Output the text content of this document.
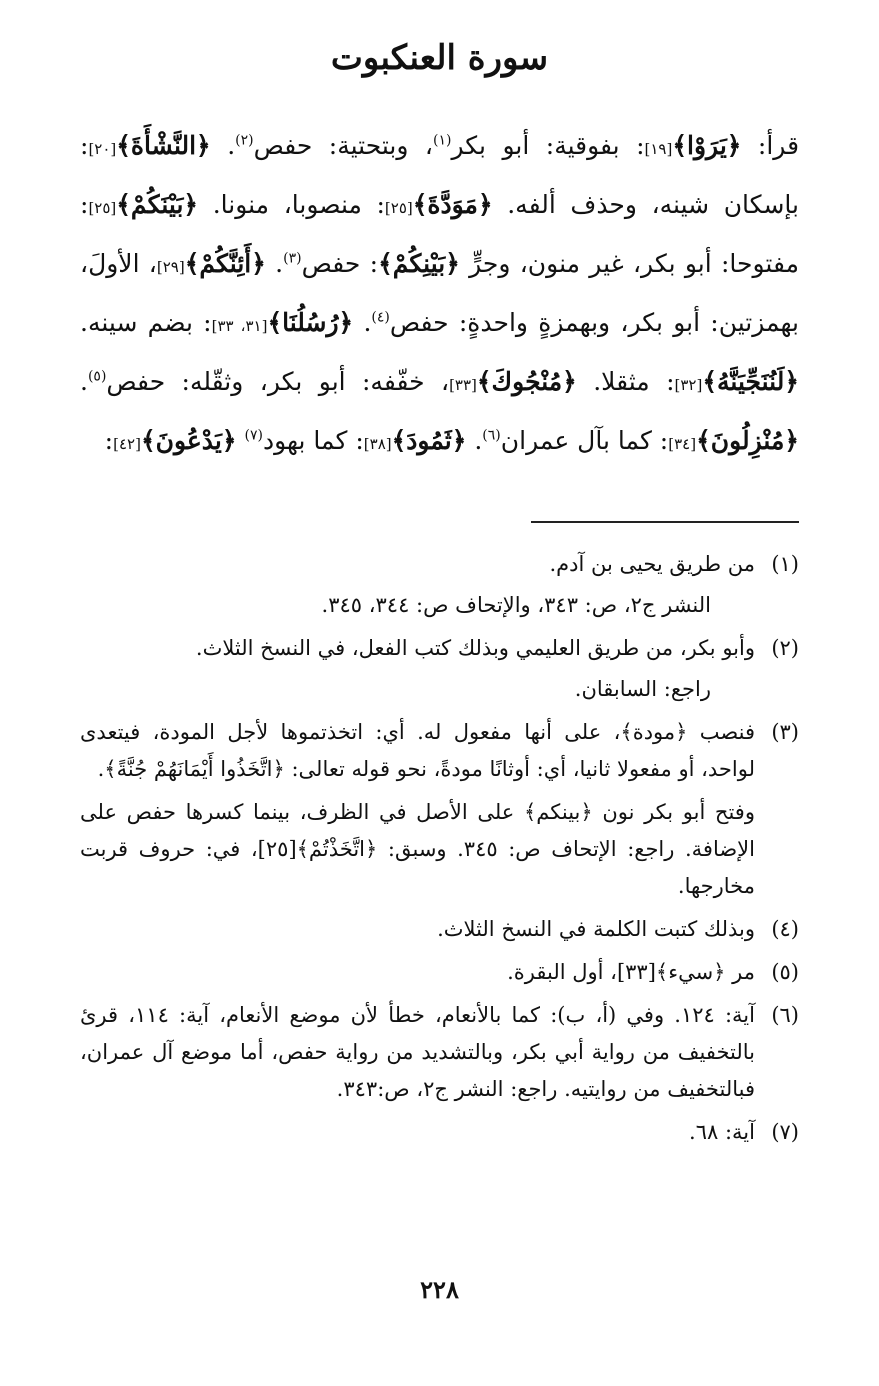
سورة العنكبوت

قرأ: ﴿يَرَوْا﴾[١٩]: بفوقية: أبو بكر$^{(١)}$، وبتحتية: حفص$^{(٢)}$. ﴿النَّشْأَةَ﴾[٢٠]: بإسكان شينه، وحذف ألفه. ﴿مَوَدَّةَ﴾[٢٥]: منصوبا، منونا. ﴿بَيْنَكُمْ﴾[٢٥]: مفتوحا: أبو بكر، غير منون، وجرٍّ ﴿بَيْنِكُمْ﴾: حفص$^{(٣)}$. ﴿أَئِنَّكُمْ﴾[٢٩]، الأولَ، بهمزتين: أبو بكر، وبهمزةٍ واحدةٍ: حفص$^{(٤)}$. ﴿رُسُلُنَا﴾[٣١، ٣٣]: بضم سينه. ﴿لَنُنَجِّيَنَّهُ﴾[٣٢]: مثقلا. ﴿مُنْجُوكَ﴾[٣٣]، خفّفه: أبو بكر، وثقّله: حفص$^{(٥)}$. ﴿مُنْزِلُونَ﴾[٣٤]: كما بآل عمران$^{(٦)}$. ﴿ثَمُودَ﴾[٣٨]: كما بهود$^{(٧)}$ ﴿يَدْعُونَ﴾[٤٢]:

(١)

من طريق يحيى بن آدم.

النشر ج٢، ص: ٣٤٣، والإتحاف ص: ٣٤٤، ٣٤٥.

(٢)

وأبو بكر، من طريق العليمي وبذلك كتب الفعل، في النسخ الثلاث.

راجع: السابقان.

(٣)

فنصب ﴿مودة﴾، على أنها مفعول له. أي: اتخذتموها لأجل المودة، فيتعدى لواحد، أو مفعولا ثانيا، أي: أوثانًا مودةً، نحو قوله تعالى: ﴿اتَّخَذُوا أَيْمَانَهُمْ جُنَّةً﴾.

وفتح أبو بكر نون ﴿بينكم﴾ على الأصل في الظرف، بينما كسرها حفص على الإضافة. راجع: الإتحاف ص: ٣٤٥. وسبق: ﴿اتَّخَذْتُمْ﴾[٢٥]، في: حروف قربت مخارجها.

(٤)

وبذلك كتبت الكلمة في النسخ الثلاث.

(٥)

مر ﴿سيء﴾[٣٣]، أول البقرة.

(٦)

آية: ١٢٤. وفي (أ، ب): كما بالأنعام، خطأ لأن موضع الأنعام، آية: ١١٤، قرئ بالتخفيف من رواية أبي بكر، وبالتشديد من رواية حفص، أما موضع آل عمران، فبالتخفيف من روايتيه. راجع: النشر ج٢، ص:٣٤٣.

(٧)

آية: ٦٨.

٢٢٨
